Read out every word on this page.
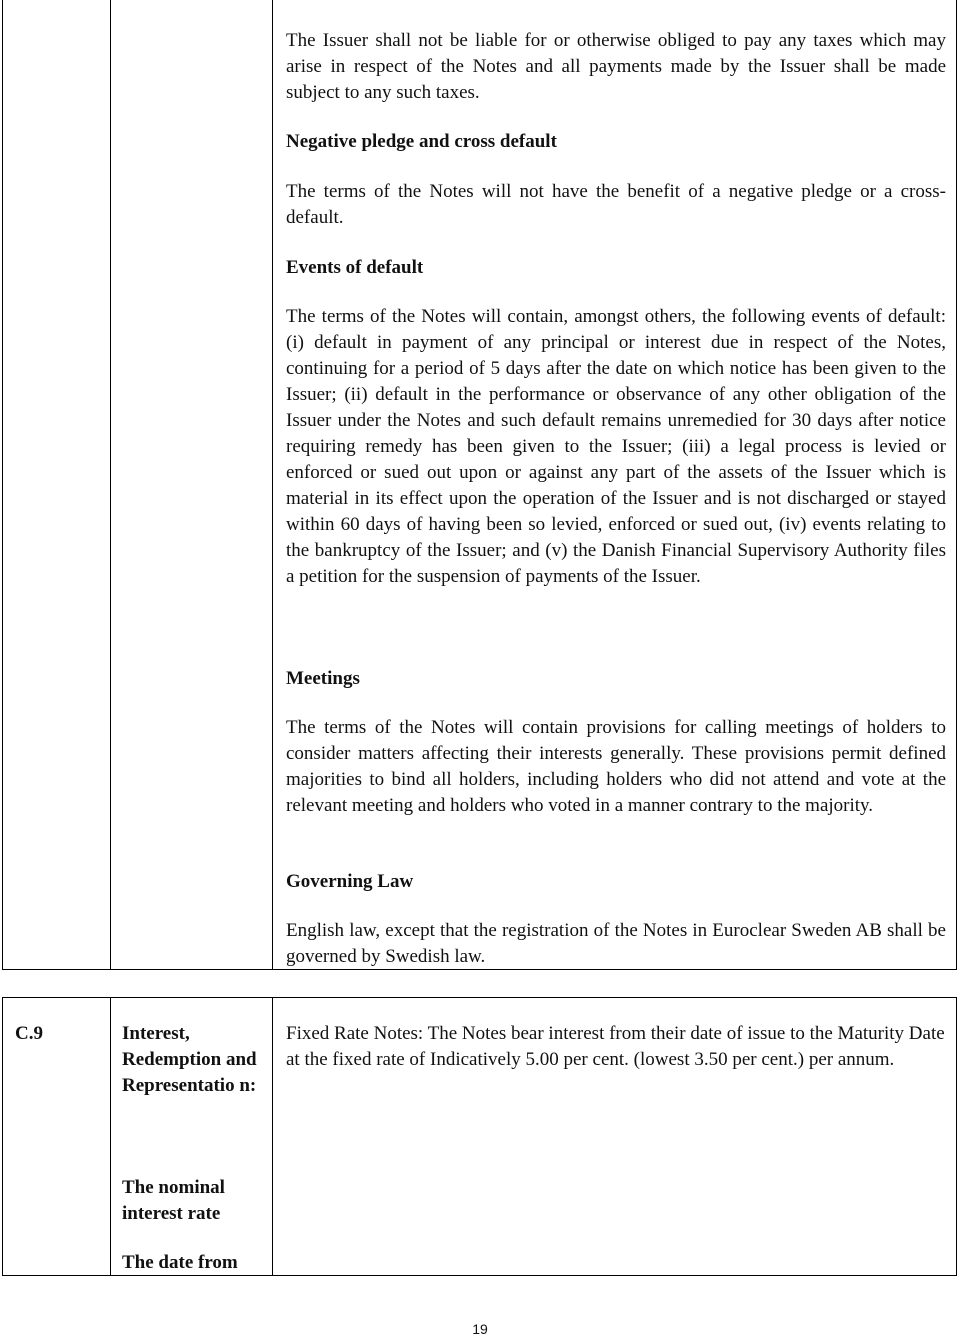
The Issuer shall not be liable for or otherwise obliged to pay any taxes which may arise in respect of the Notes and all payments made by the Issuer shall be made subject to any such taxes.

Negative pledge and cross default

The terms of the Notes will not have the benefit of a negative pledge or a cross-default.

Events of default

The terms of the Notes will contain, amongst others, the following events of default: (i) default in payment of any principal or interest due in respect of the Notes, continuing for a period of 5 days after the date on which notice has been given to the Issuer; (ii) default in the performance or observance of any other obligation of the Issuer under the Notes and such default remains unremedied for 30 days after notice requiring remedy has been given to the Issuer; (iii) a legal process is levied or enforced or sued out upon or against any part of the assets of the Issuer which is material in its effect upon the operation of the Issuer and is not discharged or stayed within 60 days of having been so levied, enforced or sued out, (iv) events relating to the bankruptcy of the Issuer; and (v) the Danish Financial Supervisory Authority files a petition for the suspension of payments of the Issuer.

Meetings

The terms of the Notes will contain provisions for calling meetings of holders to consider matters affecting their interests generally. These provisions permit defined majorities to bind all holders, including holders who did not attend and vote at the relevant meeting and holders who voted in a manner contrary to the majority.

Governing Law

English law, except that the registration of the Notes in Euroclear Sweden AB shall be governed by Swedish law.

C.9	Interest, Redemption and Representatio n:

The nominal interest rate

The date from

Fixed Rate Notes: The Notes bear interest from their date of issue to the Maturity Date at the fixed rate of Indicatively 5.00 per cent. (lowest 3.50 per cent.) per annum.

19
